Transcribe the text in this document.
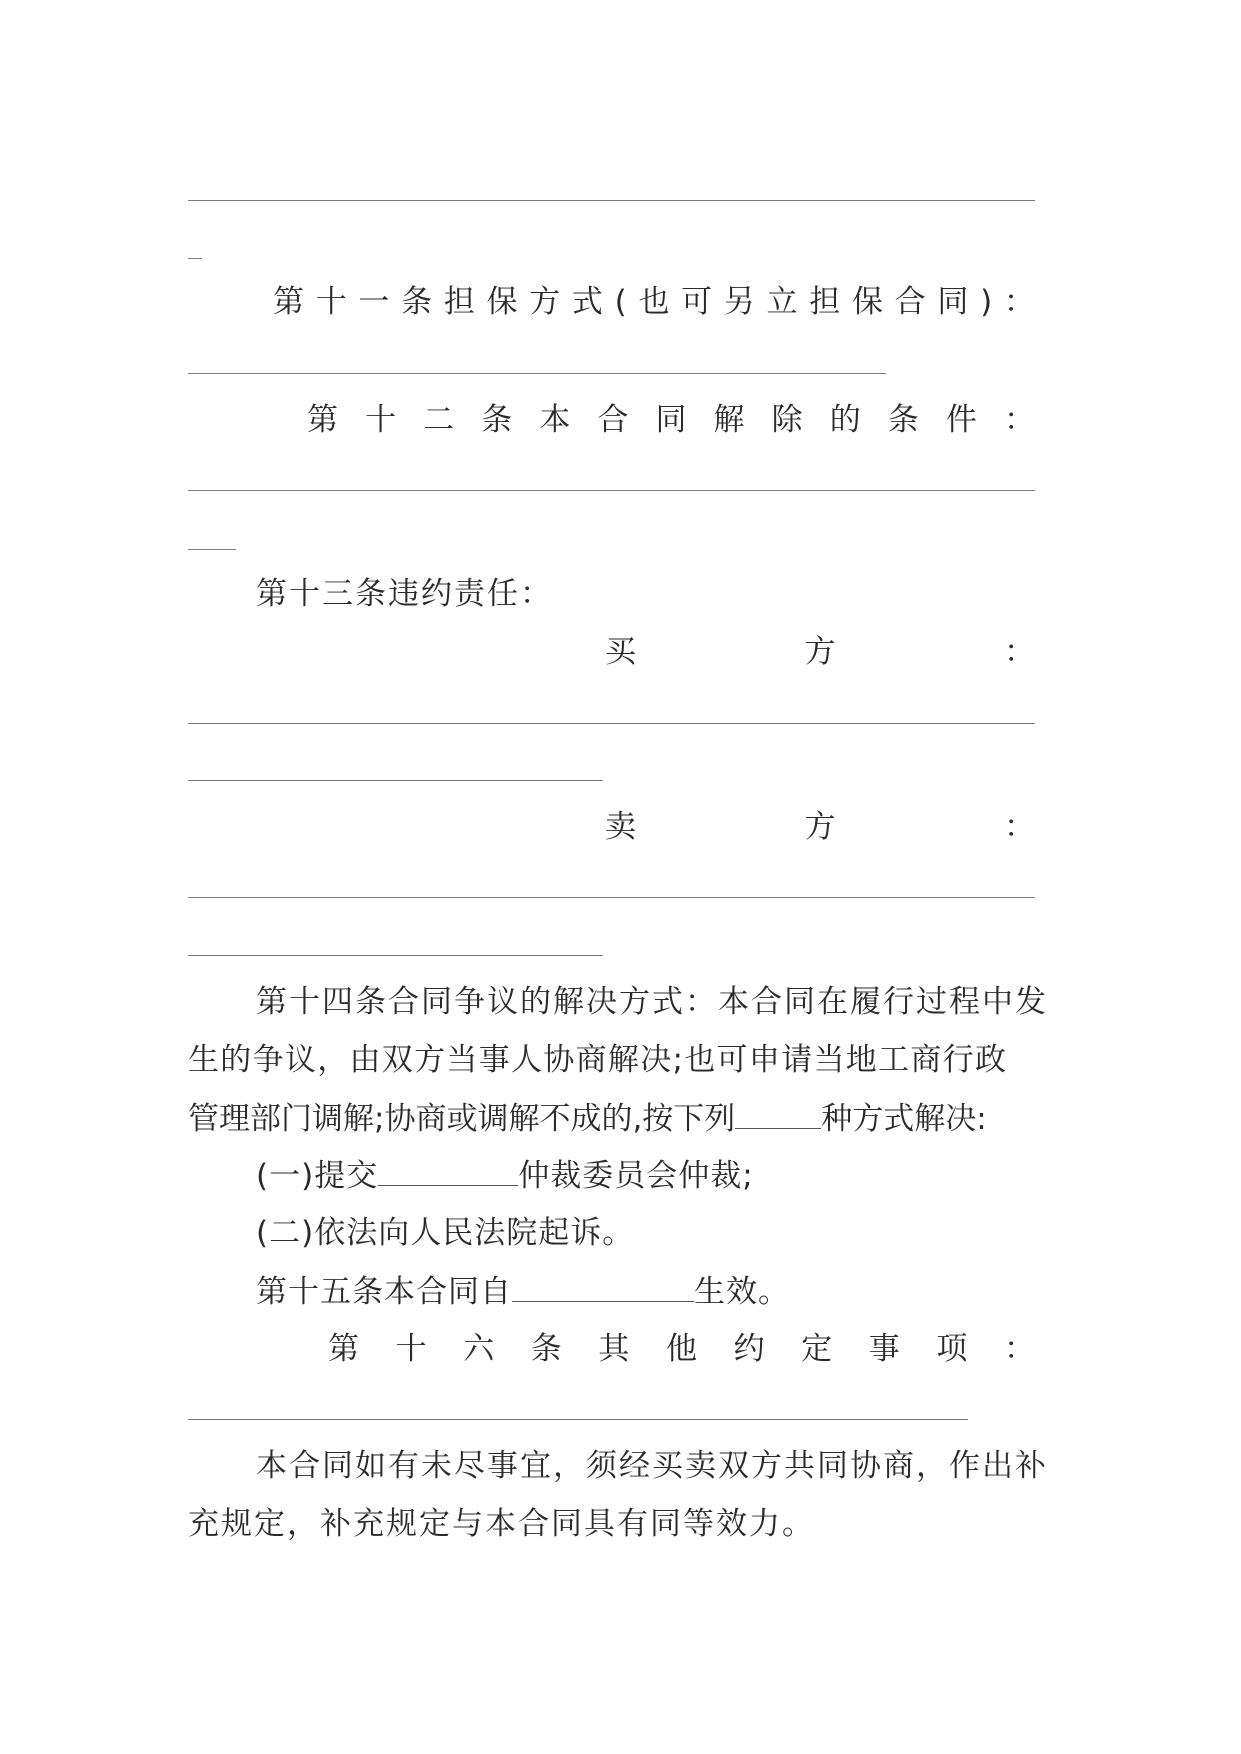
第 十 一 条 担 保 方 式 ( 也 可 另 立 担 保 合 同 ) ：
第 十 二 条 本 合 同 解 除 的 条 件 ：
第十三条违约责任：
买	方	：
卖	方	：
第十四条合同争议的解决方式：本合同在履行过程中发
生的争议，由双方当事人协商解决;也可申请当地工商行政
管理部门调解;协商或调解不成的,按下列	种方式解决:
(一)提交	仲裁委员会仲裁;
(二)依法向人民法院起诉。
第十五条本合同自	生效。
第 十 六 条 其 他 约 定 事 项 ：
本合同如有未尽事宜，须经买卖双方共同协商，作出补
充规定，补充规定与本合同具有同等效力。
